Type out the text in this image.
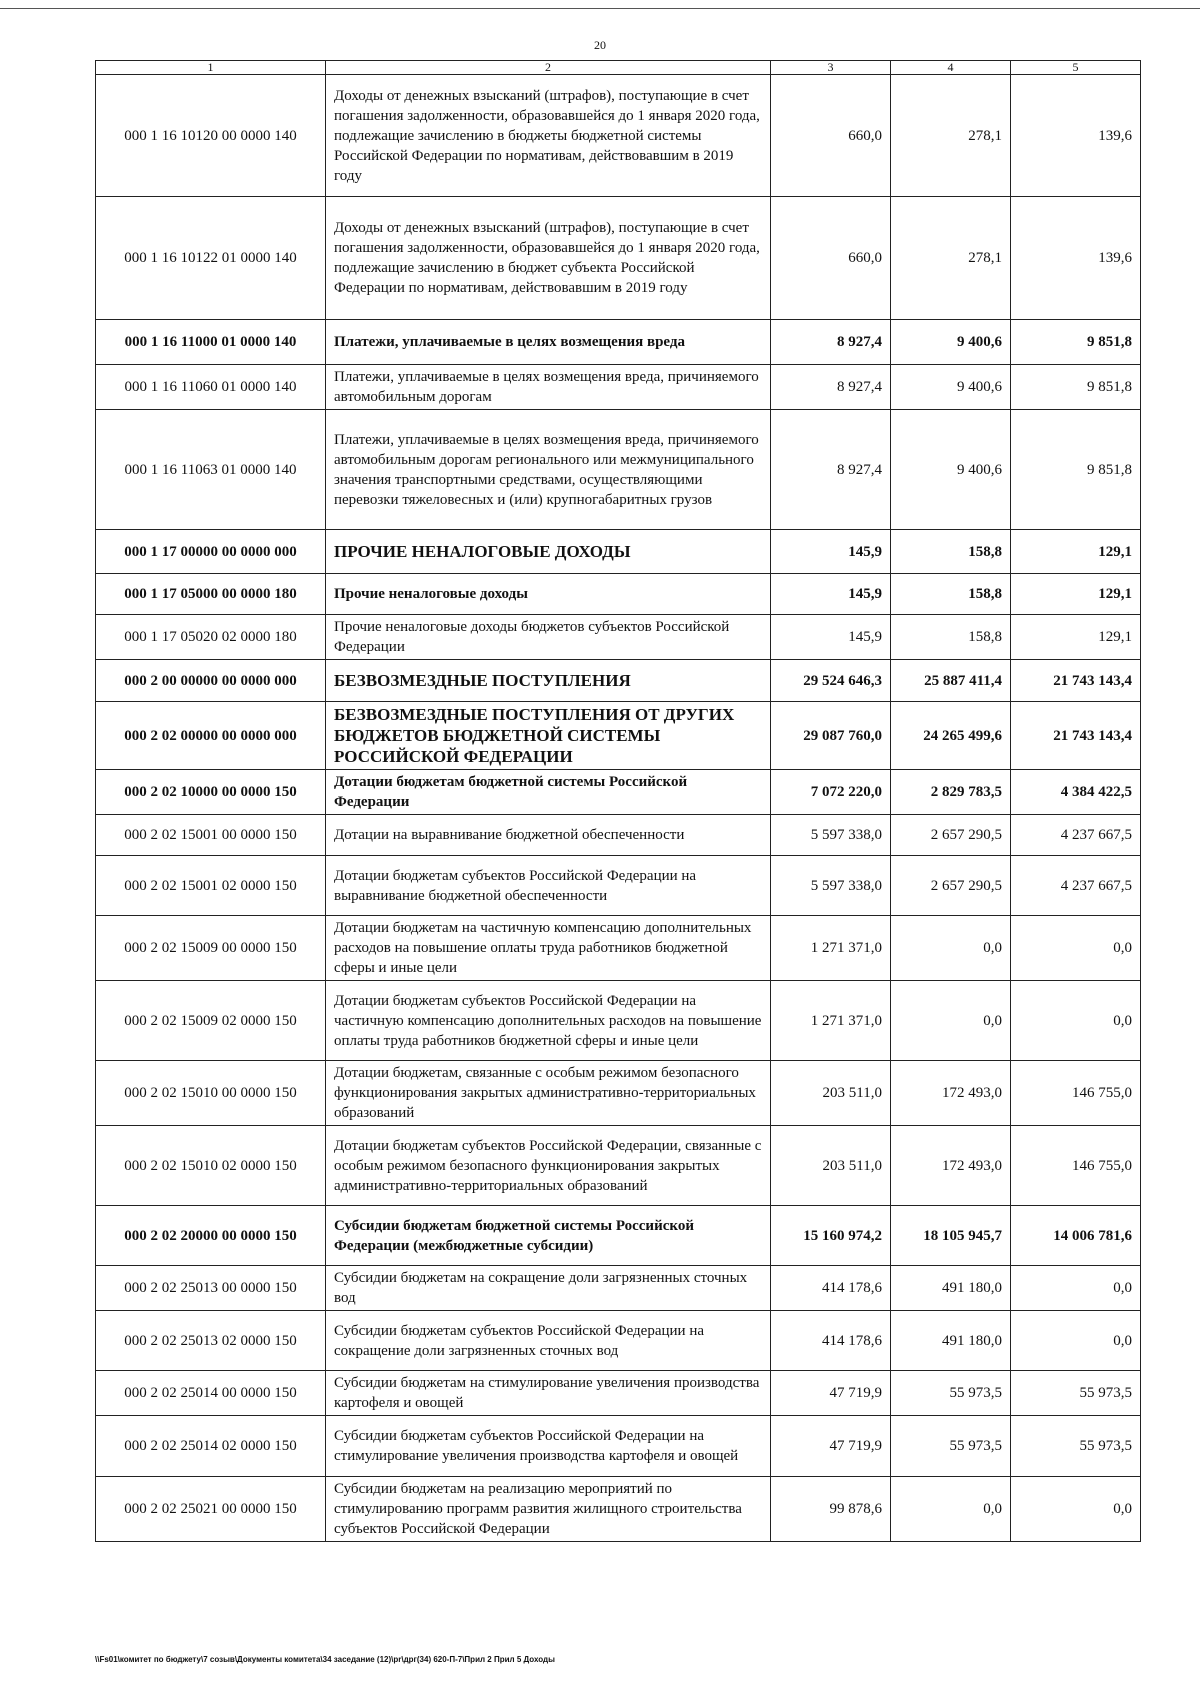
20
1	2	3	4	5
000 1 16 10120 00 0000 140	Доходы от денежных взысканий (штрафов), поступающие в счет погашения задолженности, образовавшейся до 1 января 2020 года, подлежащие зачислению в бюджеты бюджетной системы Российской Федерации по нормативам, действовавшим в 2019 году	660,0	278,1	139,6
000 1 16 10122 01 0000 140	Доходы от денежных взысканий (штрафов), поступающие в счет погашения задолженности, образовавшейся до 1 января 2020 года, подлежащие зачислению в бюджет субъекта Российской Федерации по нормативам, действовавшим в 2019 году	660,0	278,1	139,6
000 1 16 11000 01 0000 140	Платежи, уплачиваемые в целях возмещения вреда	8 927,4	9 400,6	9 851,8
000 1 16 11060 01 0000 140	Платежи, уплачиваемые в целях возмещения вреда, причиняемого автомобильным дорогам	8 927,4	9 400,6	9 851,8
000 1 16 11063 01 0000 140	Платежи, уплачиваемые в целях возмещения вреда, причиняемого автомобильным дорогам регионального или межмуниципального значения транспортными средствами, осуществляющими перевозки тяжеловесных и (или) крупногабаритных грузов	8 927,4	9 400,6	9 851,8
000 1 17 00000 00 0000 000	ПРОЧИЕ НЕНАЛОГОВЫЕ ДОХОДЫ	145,9	158,8	129,1
000 1 17 05000 00 0000 180	Прочие неналоговые доходы	145,9	158,8	129,1
000 1 17 05020 02 0000 180	Прочие неналоговые доходы бюджетов субъектов Российской Федерации	145,9	158,8	129,1
000 2 00 00000 00 0000 000	БЕЗВОЗМЕЗДНЫЕ ПОСТУПЛЕНИЯ	29 524 646,3	25 887 411,4	21 743 143,4
000 2 02 00000 00 0000 000	БЕЗВОЗМЕЗДНЫЕ ПОСТУПЛЕНИЯ ОТ ДРУГИХ БЮДЖЕТОВ БЮДЖЕТНОЙ СИСТЕМЫ РОССИЙСКОЙ ФЕДЕРАЦИИ	29 087 760,0	24 265 499,6	21 743 143,4
000 2 02 10000 00 0000 150	Дотации бюджетам бюджетной системы Российской Федерации	7 072 220,0	2 829 783,5	4 384 422,5
000 2 02 15001 00 0000 150	Дотации на выравнивание бюджетной обеспеченности	5 597 338,0	2 657 290,5	4 237 667,5
000 2 02 15001 02 0000 150	Дотации бюджетам субъектов Российской Федерации на выравнивание бюджетной обеспеченности	5 597 338,0	2 657 290,5	4 237 667,5
000 2 02 15009 00 0000 150	Дотации бюджетам на частичную компенсацию дополнительных расходов на повышение оплаты труда работников бюджетной сферы и иные цели	1 271 371,0	0,0	0,0
000 2 02 15009 02 0000 150	Дотации бюджетам субъектов Российской Федерации на частичную компенсацию дополнительных расходов на повышение оплаты труда работников бюджетной сферы и иные цели	1 271 371,0	0,0	0,0
000 2 02 15010 00 0000 150	Дотации бюджетам, связанные с особым режимом безопасного функционирования закрытых административно-территориальных образований	203 511,0	172 493,0	146 755,0
000 2 02 15010 02 0000 150	Дотации бюджетам субъектов Российской Федерации, связанные с особым режимом безопасного функционирования закрытых административно-территориальных образований	203 511,0	172 493,0	146 755,0
000 2 02 20000 00 0000 150	Субсидии бюджетам бюджетной системы Российской Федерации (межбюджетные субсидии)	15 160 974,2	18 105 945,7	14 006 781,6
000 2 02 25013 00 0000 150	Субсидии бюджетам на сокращение доли загрязненных сточных вод	414 178,6	491 180,0	0,0
000 2 02 25013 02 0000 150	Субсидии бюджетам субъектов Российской Федерации на сокращение доли загрязненных сточных вод	414 178,6	491 180,0	0,0
000 2 02 25014 00 0000 150	Субсидии бюджетам на стимулирование увеличения производства картофеля и овощей	47 719,9	55 973,5	55 973,5
000 2 02 25014 02 0000 150	Субсидии бюджетам субъектов Российской Федерации на стимулирование увеличения производства картофеля и овощей	47 719,9	55 973,5	55 973,5
000 2 02 25021 00 0000 150	Субсидии бюджетам на реализацию мероприятий по стимулированию программ развития жилищного строительства субъектов Российской Федерации	99 878,6	0,0	0,0
\\Fs01\комитет по бюджету\7 созыв\Документы комитета\34 заседание (12)\pr\дрг(34) 620-П-7\Прил 2 Прил 5 Доходы
